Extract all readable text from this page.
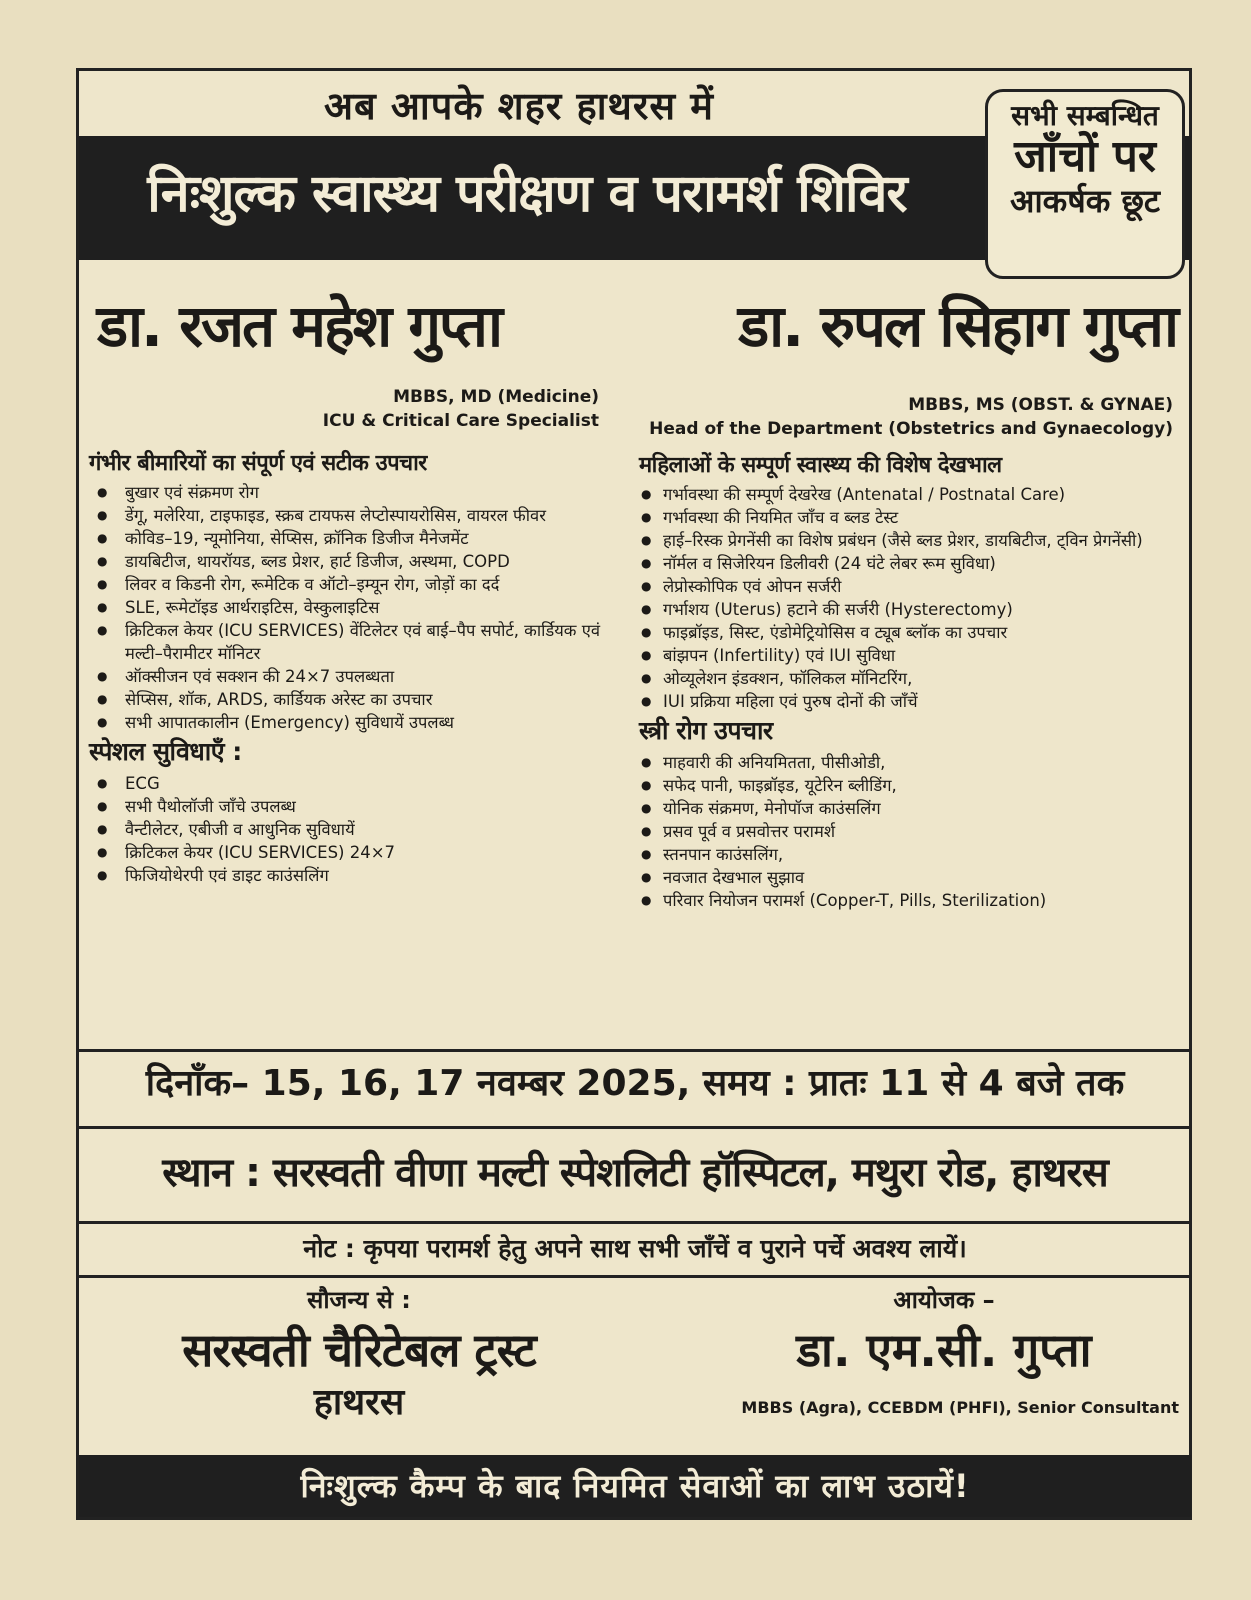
अब आपके शहर हाथरस में
निःशुल्क स्वास्थ्य परीक्षण व परामर्श शिविर
सभी सम्बन्धित
जाँचों पर
आकर्षक छूट
डा. रजत महेश गुप्ता	डा. रुपल सिहाग गुप्ता
MBBS, MD (Medicine)
ICU & Critical Care Specialist
MBBS, MS (OBST. & GYNAE)
Head of the Department (Obstetrics and Gynaecology)
गंभीर बीमारियों का संपूर्ण एवं सटीक उपचार
● बुखार एवं संक्रमण रोग
● डेंगू, मलेरिया, टाइफाइड, स्क्रब टायफस लेप्टोस्पायरोसिस, वायरल फीवर
● कोविड–19, न्यूमोनिया, सेप्सिस, क्रॉनिक डिजीज मैनेजमेंट
● डायबिटीज, थायरॉयड, ब्लड प्रेशर, हार्ट डिजीज, अस्थमा, COPD
● लिवर व किडनी रोग, रूमेटिक व ऑटो–इम्यून रोग, जोड़ों का दर्द
● SLE, रूमेटॉइड आर्थराइटिस, वेस्कुलाइटिस
● क्रिटिकल केयर (ICU SERVICES) वेंटिलेटर एवं बाई–पैप सपोर्ट, कार्डियक एवं मल्टी–पैरामीटर मॉनिटर
● ऑक्सीजन एवं सक्शन की 24×7 उपलब्धता
● सेप्सिस, शॉक, ARDS, कार्डियक अरेस्ट का उपचार
● सभी आपातकालीन (Emergency) सुविधायें उपलब्ध
स्पेशल सुविधाएँ :
● ECG
● सभी पैथोलॉजी जाँचे उपलब्ध
● वैन्टीलेटर, एबीजी व आधुनिक सुविधायें
● क्रिटिकल केयर (ICU SERVICES) 24×7
● फिजियोथेरपी एवं डाइट काउंसलिंग
महिलाओं के सम्पूर्ण स्वास्थ्य की विशेष देखभाल
● गर्भावस्था की सम्पूर्ण देखरेख (Antenatal / Postnatal Care)
● गर्भावस्था की नियमित जाँच व ब्लड टेस्ट
● हाई–रिस्क प्रेगनेंसी का विशेष प्रबंधन (जैसे ब्लड प्रेशर, डायबिटीज, ट्विन प्रेगनेंसी)
● नॉर्मल व सिजेरियन डिलीवरी (24 घंटे लेबर रूम सुविधा)
● लेप्रोस्कोपिक एवं ओपन सर्जरी
● गर्भाशय (Uterus) हटाने की सर्जरी (Hysterectomy)
● फाइब्रॉइड, सिस्ट, एंडोमेट्रियोसिस व ट्यूब ब्लॉक का उपचार
● बांझपन (Infertility) एवं IUI सुविधा
● ओव्यूलेशन इंडक्शन, फॉलिकल मॉनिटरिंग,
● IUI प्रक्रिया महिला एवं पुरुष दोनों की जाँचें
स्त्री रोग उपचार
● माहवारी की अनियमितता, पीसीओडी,
● सफेद पानी, फाइब्रॉइड, यूटेरिन ब्लीडिंग,
● योनिक संक्रमण, मेनोपॉज काउंसलिंग
● प्रसव पूर्व व प्रसवोत्तर परामर्श
● स्तनपान काउंसलिंग,
● नवजात देखभाल सुझाव
● परिवार नियोजन परामर्श (Copper-T, Pills, Sterilization)
दिनाँक– 15, 16, 17 नवम्बर 2025, समय : प्रातः 11 से 4 बजे तक
स्थान : सरस्वती वीणा मल्टी स्पेशलिटी हॉस्पिटल, मथुरा रोड, हाथरस
नोट : कृपया परामर्श हेतु अपने साथ सभी जाँचें व पुराने पर्चे अवश्य लायें।
सौजन्य से :
सरस्वती चैरिटेबल ट्रस्ट
हाथरस
आयोजक –
डा. एम.सी. गुप्ता
MBBS (Agra), CCEBDM (PHFI), Senior Consultant
निःशुल्क कैम्प के बाद नियमित सेवाओं का लाभ उठायें!
